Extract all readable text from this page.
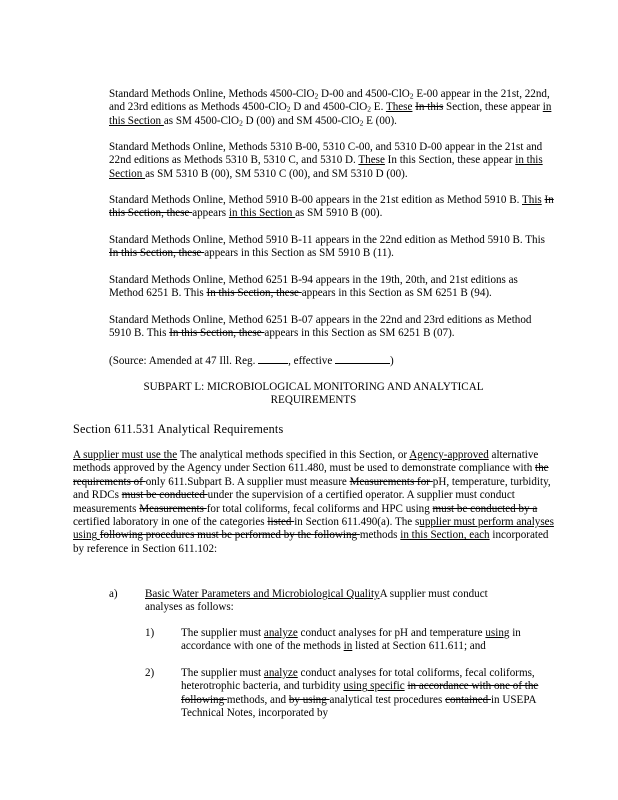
Standard Methods Online, Methods 4500-ClO$_2$ D-00 and 4500-ClO$_2$ E-00 appear in the 21st, 22nd, and 23rd editions as Methods 4500-ClO$_2$ D and 4500-ClO$_2$ E. These In this Section, these appear in this Section as SM 4500-ClO$_2$ D (00) and SM 4500-ClO$_2$ E (00).
Standard Methods Online, Methods 5310 B-00, 5310 C-00, and 5310 D-00 appear in the 21st and 22nd editions as Methods 5310 B, 5310 C, and 5310 D. These In this Section, these appear in this Section as SM 5310 B (00), SM 5310 C (00), and SM 5310 D (00).
Standard Methods Online, Method 5910 B-00 appears in the 21st edition as Method 5910 B. This In this Section, these appears in this Section as SM 5910 B (00).
Standard Methods Online, Method 5910 B-11 appears in the 22nd edition as Method 5910 B. This In this Section, these appears in this Section as SM 5910 B (11).
Standard Methods Online, Method 6251 B-94 appears in the 19th, 20th, and 21st editions as Method 6251 B. This In this Section, these appears in this Section as SM 6251 B (94).
Standard Methods Online, Method 6251 B-07 appears in the 22nd and 23rd editions as Method 5910 B. This In this Section, these appears in this Section as SM 6251 B (07).
(Source: Amended at 47 Ill. Reg.	, effective	)
SUBPART L: MICROBIOLOGICAL MONITORING AND ANALYTICAL
REQUIREMENTS
Section 611.531 Analytical Requirements
A supplier must use the The analytical methods specified in this Section, or Agency-approved alternative methods approved by the Agency under Section 611.480, must be used to demonstrate compliance with the requirements of only 611.Subpart B. A supplier must measure Measurements for pH, temperature, turbidity, and RDCs must be conducted under the supervision of a certified operator. A supplier must conduct measurements Measurements for total coliforms, fecal coliforms and HPC using must be conducted by a certified laboratory in one of the categories listed in Section 611.490(a). The supplier must perform analyses using following procedures must be performed by the following methods in this Section, each incorporated by reference in Section 611.102:
a) Basic Water Parameters and Microbiological QualityA supplier must conduct analyses as follows:
1) The supplier must analyze conduct analyses for pH and temperature using in accordance with one of the methods in listed at Section 611.611; and
2) The supplier must analyze conduct analyses for total coliforms, fecal coliforms, heterotrophic bacteria, and turbidity using specific in accordance with one of the following methods, and by using analytical test procedures contained in USEPA Technical Notes, incorporated by
